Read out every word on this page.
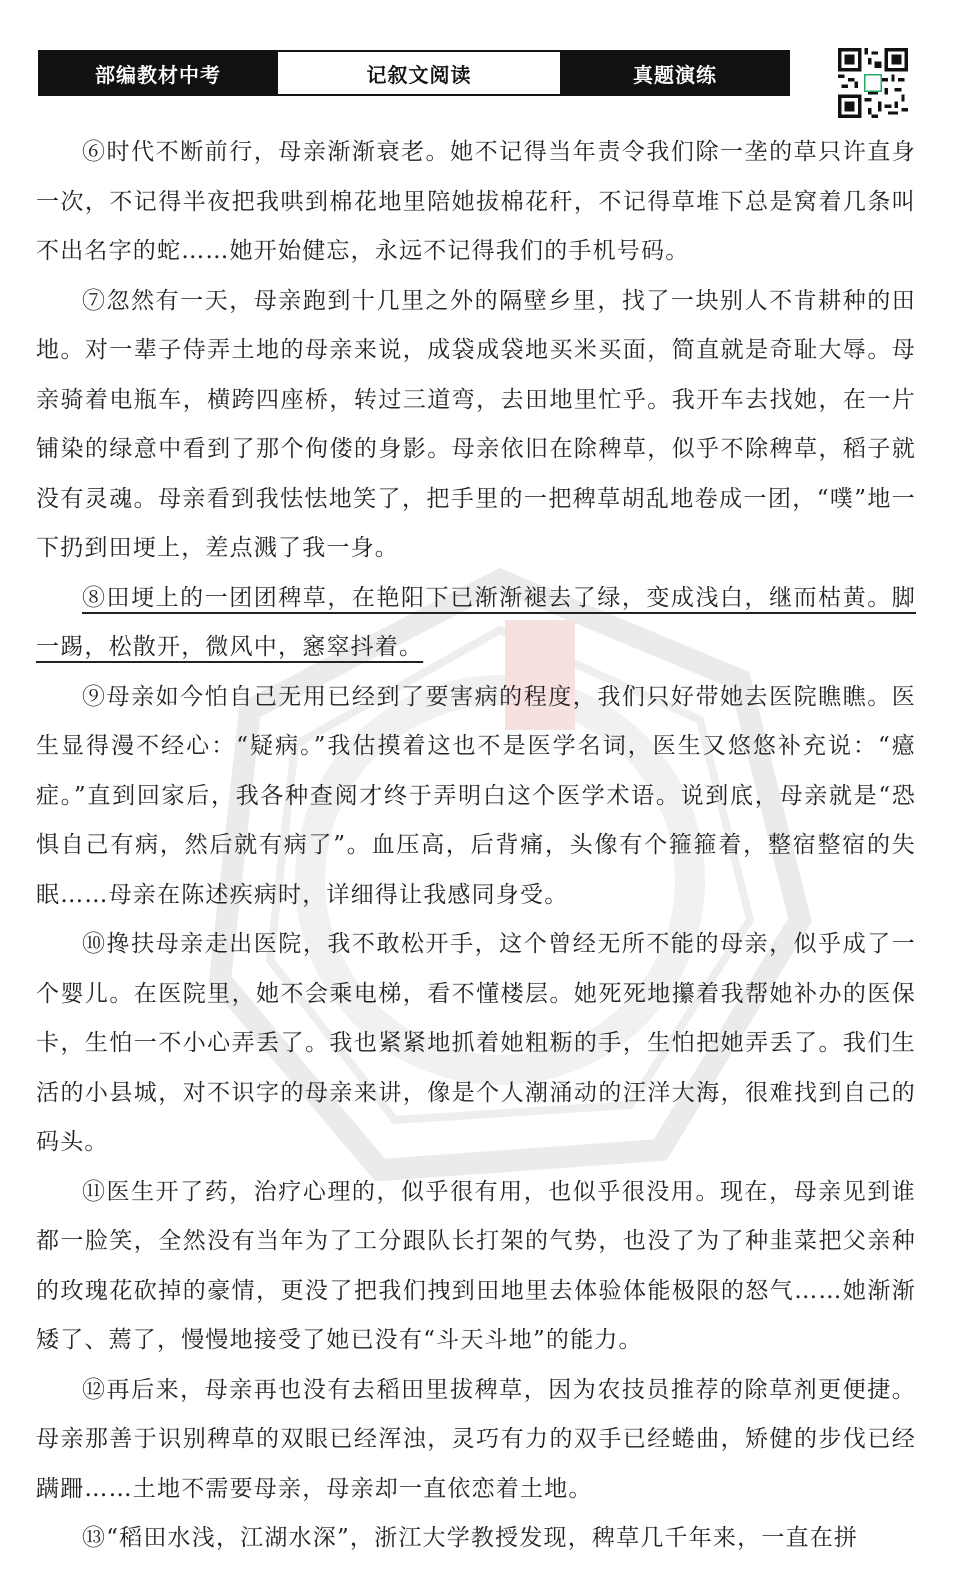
部编教材中考	记叙文阅读	真题演练

⑥时代不断前行，母亲渐渐衰老。她不记得当年责令我们除一垄的草只许直身一次，不记得半夜把我哄到棉花地里陪她拔棉花秆，不记得草堆下总是窝着几条叫不出名字的蛇……她开始健忘，永远不记得我们的手机号码。

⑦忽然有一天，母亲跑到十几里之外的隔壁乡里，找了一块别人不肯耕种的田地。对一辈子侍弄土地的母亲来说，成袋成袋地买米买面，简直就是奇耻大辱。母亲骑着电瓶车，横跨四座桥，转过三道弯，去田地里忙乎。我开车去找她，在一片铺染的绿意中看到了那个佝偻的身影。母亲依旧在除稗草，似乎不除稗草，稻子就没有灵魂。母亲看到我怯怯地笑了，把手里的一把稗草胡乱地卷成一团，“噗”地一下扔到田埂上，差点溅了我一身。

⑧田埂上的一团团稗草，在艳阳下已渐渐褪去了绿，变成浅白，继而枯黄。脚一踢，松散开，微风中，窸窣抖着。

⑨母亲如今怕自己无用已经到了要害病的程度，我们只好带她去医院瞧瞧。医生显得漫不经心：“疑病。”我估摸着这也不是医学名词，医生又悠悠补充说：“癔症。”直到回家后，我各种查阅才终于弄明白这个医学术语。说到底，母亲就是“恐惧自己有病，然后就有病了”。血压高，后背痛，头像有个箍箍着，整宿整宿的失眠……母亲在陈述疾病时，详细得让我感同身受。

⑩搀扶母亲走出医院，我不敢松开手，这个曾经无所不能的母亲，似乎成了一个婴儿。在医院里，她不会乘电梯，看不懂楼层。她死死地攥着我帮她补办的医保卡，生怕一不小心弄丢了。我也紧紧地抓着她粗粝的手，生怕把她弄丢了。我们生活的小县城，对不识字的母亲来讲，像是个人潮涌动的汪洋大海，很难找到自己的码头。

⑪医生开了药，治疗心理的，似乎很有用，也似乎很没用。现在，母亲见到谁都一脸笑，全然没有当年为了工分跟队长打架的气势，也没了为了种韭菜把父亲种的玫瑰花砍掉的豪情，更没了把我们拽到田地里去体验体能极限的怒气……她渐渐矮了、蔫了，慢慢地接受了她已没有“斗天斗地”的能力。

⑫再后来，母亲再也没有去稻田里拔稗草，因为农技员推荐的除草剂更便捷。母亲那善于识别稗草的双眼已经浑浊，灵巧有力的双手已经蜷曲，矫健的步伐已经蹒跚……土地不需要母亲，母亲却一直依恋着土地。

⑬“稻田水浅，江湖水深”，浙江大学教授发现，稗草几千年来，一直在拼
